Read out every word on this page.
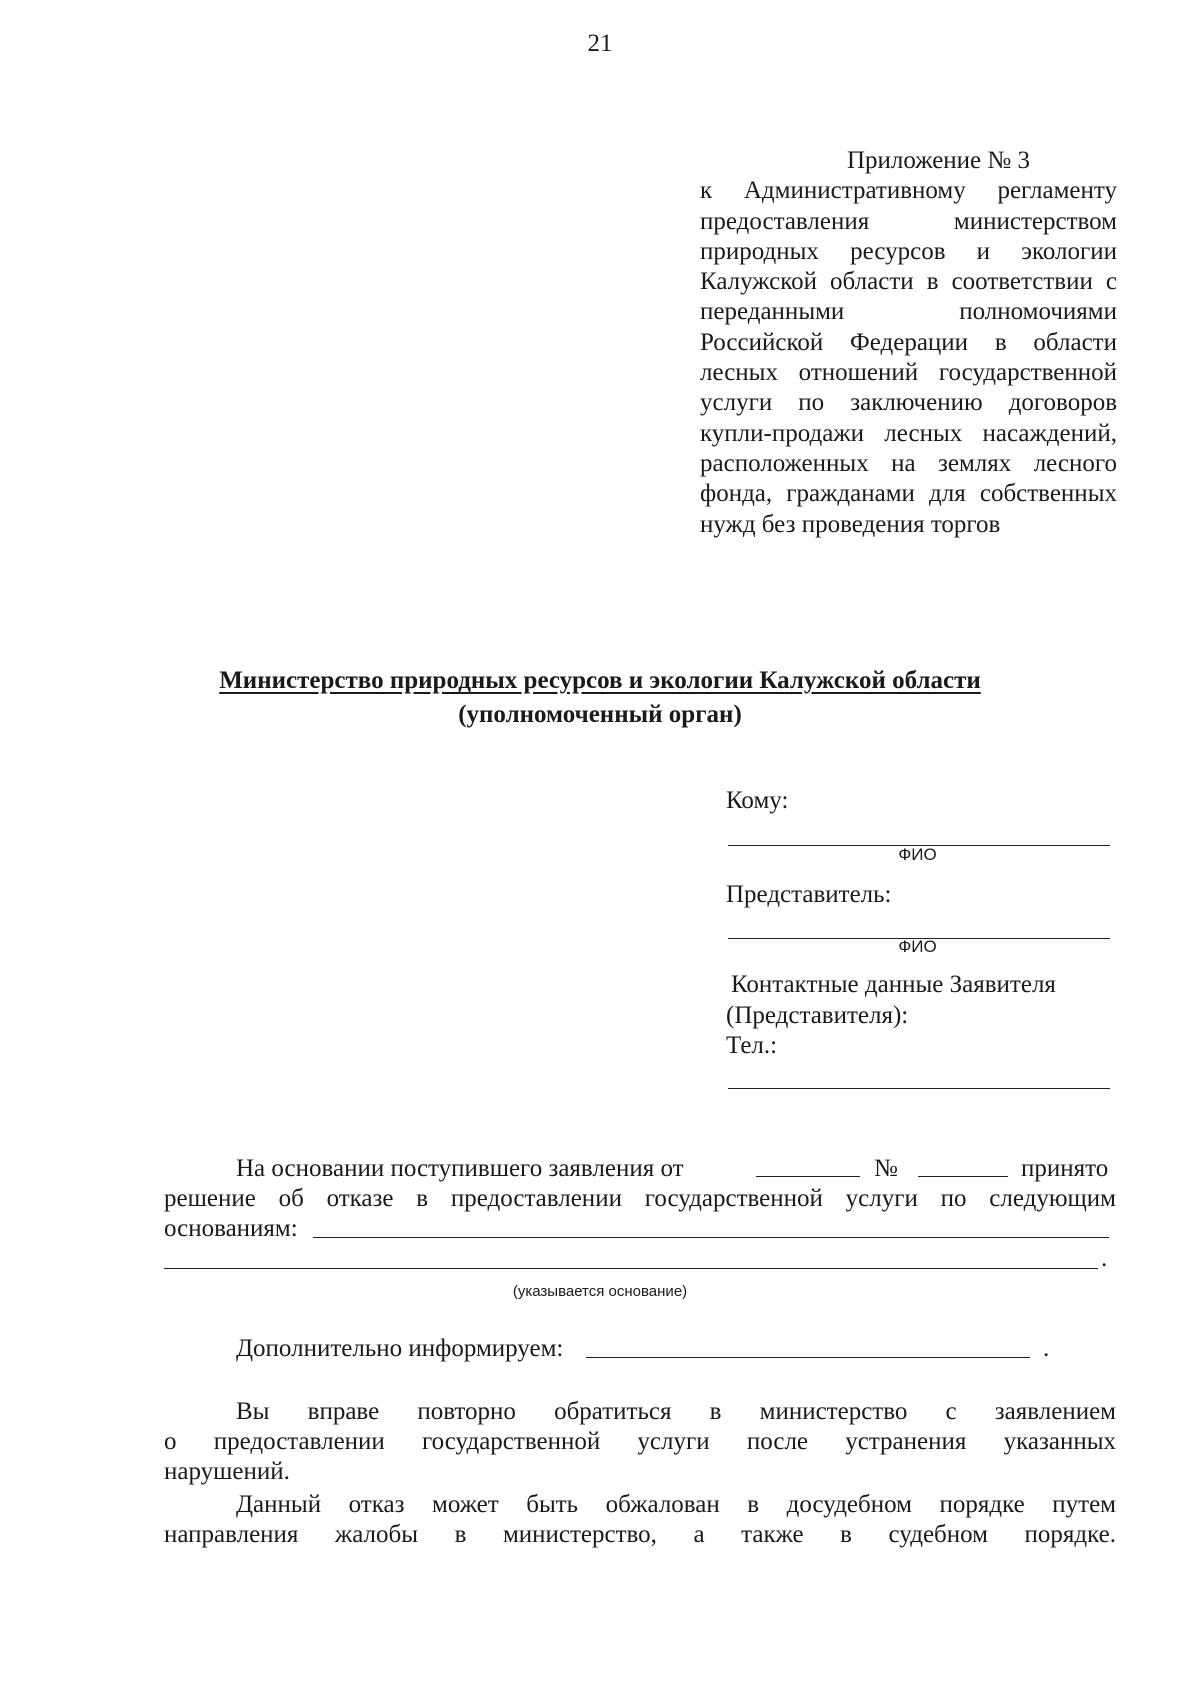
21
Приложение № 3
к Административному регламенту предоставления министерством природных ресурсов и экологии Калужской области в соответствии с переданными полномочиями Российской Федерации в области лесных отношений государственной услуги по заключению договоров купли-продажи лесных насаждений, расположенных на землях лесного фонда, гражданами для собственных нужд без проведения торгов
Министерство природных ресурсов и экологии Калужской области
(уполномоченный орган)
Кому:
ФИО
Представитель:
ФИО
Контактные данные Заявителя
(Представителя):
Тел.:
На основании поступившего заявления от	№	принято
решение об отказе в предоставлении государственной услуги по следующим
основаниям:
.
(указывается основание)
Дополнительно информируем:	.
Вы вправе повторно обратиться в министерство с заявлением
о предоставлении государственной услуги после устранения указанных
нарушений.
Данный отказ может быть обжалован в досудебном порядке путем
направления жалобы в министерство, а также в судебном порядке.
